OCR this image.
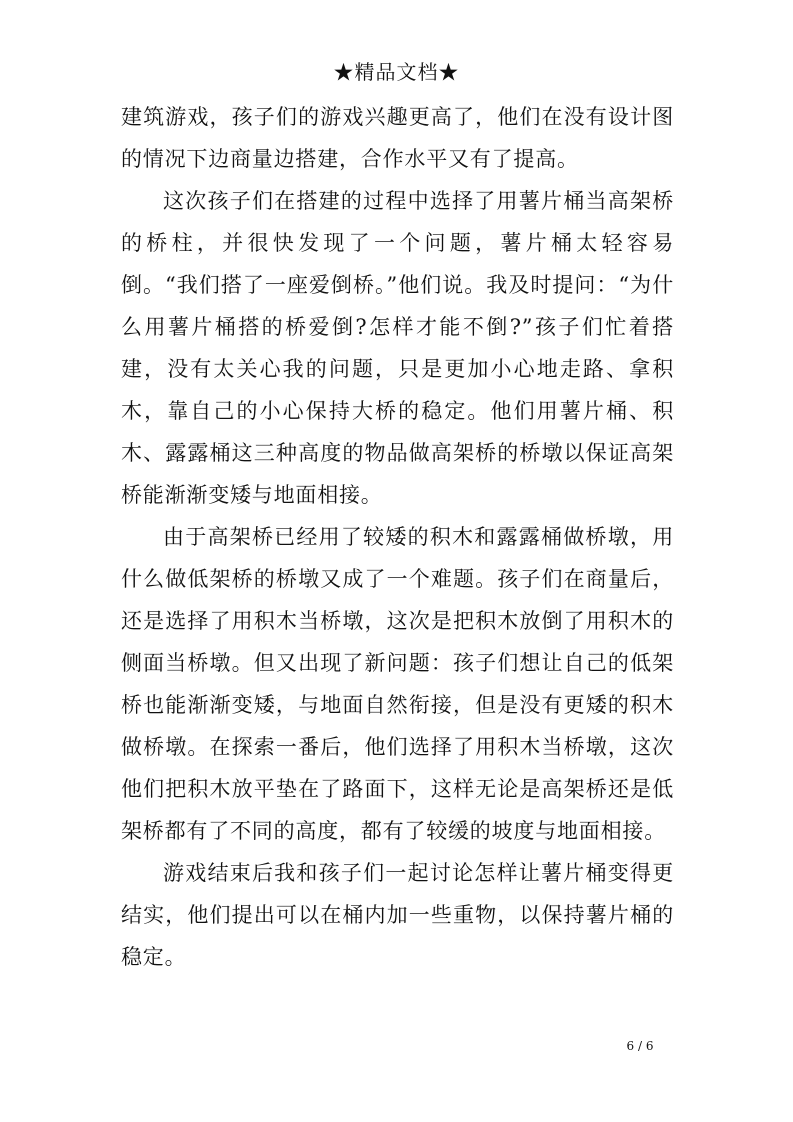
★精品文档★

建筑游戏，孩子们的游戏兴趣更高了，他们在没有设计图的情况下边商量边搭建，合作水平又有了提高。

这次孩子们在搭建的过程中选择了用薯片桶当高架桥的桥柱，并很快发现了一个问题，薯片桶太轻容易倒。“我们搭了一座爱倒桥。”他们说。我及时提问：“为什么用薯片桶搭的桥爱倒?怎样才能不倒?”孩子们忙着搭建，没有太关心我的问题，只是更加小心地走路、拿积木，靠自己的小心保持大桥的稳定。他们用薯片桶、积木、露露桶这三种高度的物品做高架桥的桥墩以保证高架桥能渐渐变矮与地面相接。

由于高架桥已经用了较矮的积木和露露桶做桥墩，用什么做低架桥的桥墩又成了一个难题。孩子们在商量后，还是选择了用积木当桥墩，这次是把积木放倒了用积木的侧面当桥墩。但又出现了新问题：孩子们想让自己的低架桥也能渐渐变矮，与地面自然衔接，但是没有更矮的积木做桥墩。在探索一番后，他们选择了用积木当桥墩，这次他们把积木放平垫在了路面下，这样无论是高架桥还是低架桥都有了不同的高度，都有了较缓的坡度与地面相接。

游戏结束后我和孩子们一起讨论怎样让薯片桶变得更结实，他们提出可以在桶内加一些重物，以保持薯片桶的稳定。

6 / 6
